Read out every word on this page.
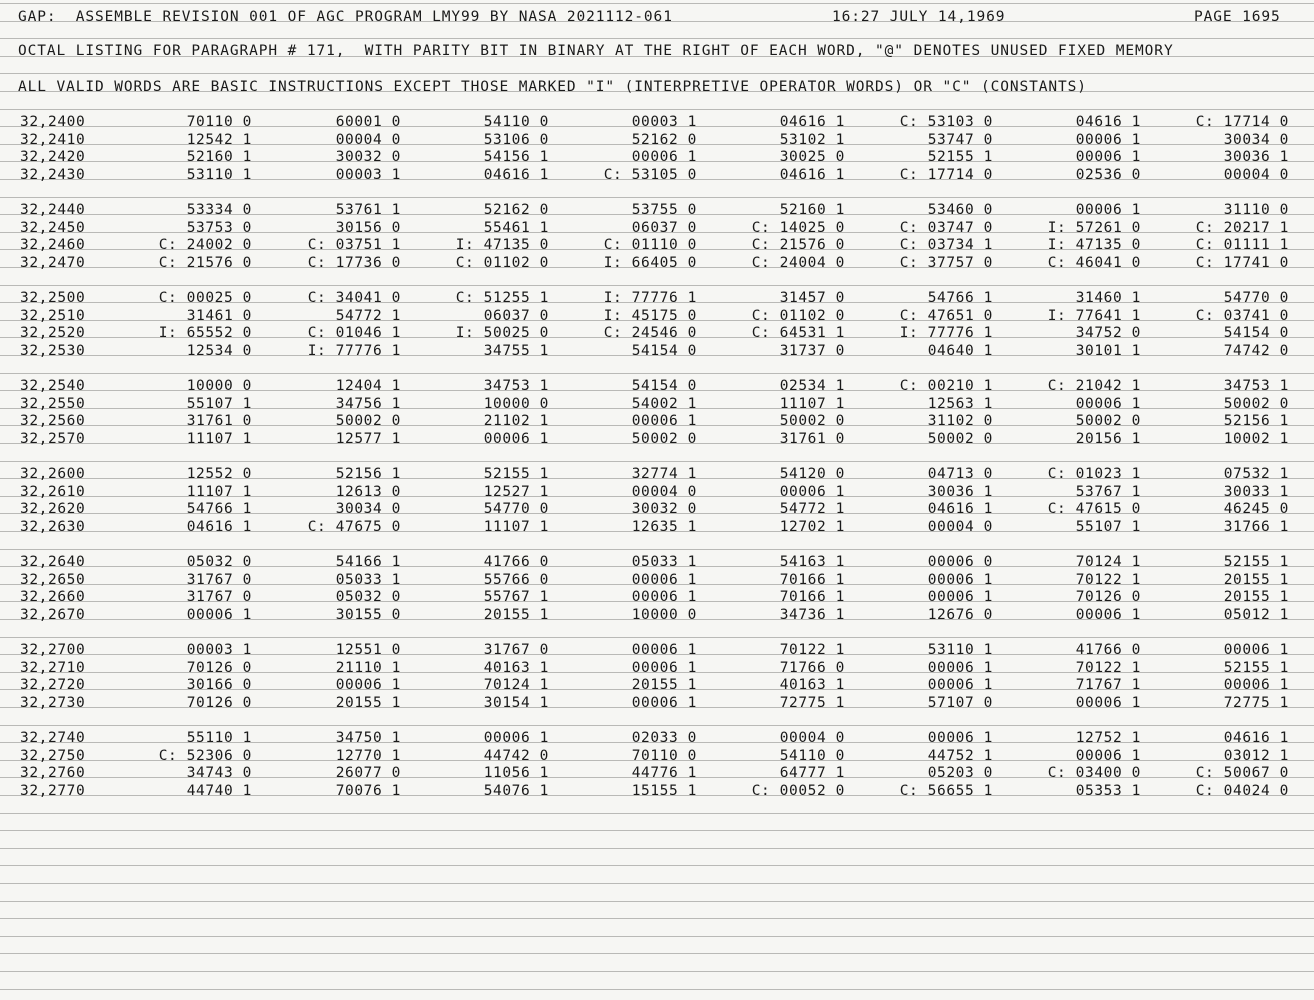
GAP:  ASSEMBLE REVISION 001 OF AGC PROGRAM LMY99 BY NASA 2021112-061	16:27 JULY 14,1969	PAGE 1695
OCTAL LISTING FOR PARAGRAPH # 171,  WITH PARITY BIT IN BINARY AT THE RIGHT OF EACH WORD, "@" DENOTES UNUSED FIXED MEMORY
ALL VALID WORDS ARE BASIC INSTRUCTIONS EXCEPT THOSE MARKED "I" (INTERPRETIVE OPERATOR WORDS) OR "C" (CONSTANTS)
32,2400	70110 0	60001 0	54110 0	00003 1	04616 1	C: 53103 0	04616 1	C: 17714 0
32,2410	12542 1	00004 0	53106 0	52162 0	53102 1	53747 0	00006 1	30034 0
32,2420	52160 1	30032 0	54156 1	00006 1	30025 0	52155 1	00006 1	30036 1
32,2430	53110 1	00003 1	04616 1	C: 53105 0	04616 1	C: 17714 0	02536 0	00004 0
32,2440	53334 0	53761 1	52162 0	53755 0	52160 1	53460 0	00006 1	31110 0
32,2450	53753 0	30156 0	55461 1	06037 0	C: 14025 0	C: 03747 0	I: 57261 0	C: 20217 1
32,2460	C: 24002 0	C: 03751 1	I: 47135 0	C: 01110 0	C: 21576 0	C: 03734 1	I: 47135 0	C: 01111 1
32,2470	C: 21576 0	C: 17736 0	C: 01102 0	I: 66405 0	C: 24004 0	C: 37757 0	C: 46041 0	C: 17741 0
32,2500	C: 00025 0	C: 34041 0	C: 51255 1	I: 77776 1	31457 0	54766 1	31460 1	54770 0
32,2510	31461 0	54772 1	06037 0	I: 45175 0	C: 01102 0	C: 47651 0	I: 77641 1	C: 03741 0
32,2520	I: 65552 0	C: 01046 1	I: 50025 0	C: 24546 0	C: 64531 1	I: 77776 1	34752 0	54154 0
32,2530	12534 0	I: 77776 1	34755 1	54154 0	31737 0	04640 1	30101 1	74742 0
32,2540	10000 0	12404 1	34753 1	54154 0	02534 1	C: 00210 1	C: 21042 1	34753 1
32,2550	55107 1	34756 1	10000 0	54002 1	11107 1	12563 1	00006 1	50002 0
32,2560	31761 0	50002 0	21102 1	00006 1	50002 0	31102 0	50002 0	52156 1
32,2570	11107 1	12577 1	00006 1	50002 0	31761 0	50002 0	20156 1	10002 1
32,2600	12552 0	52156 1	52155 1	32774 1	54120 0	04713 0	C: 01023 1	07532 1
32,2610	11107 1	12613 0	12527 1	00004 0	00006 1	30036 1	53767 1	30033 1
32,2620	54766 1	30034 0	54770 0	30032 0	54772 1	04616 1	C: 47615 0	46245 0
32,2630	04616 1	C: 47675 0	11107 1	12635 1	12702 1	00004 0	55107 1	31766 1
32,2640	05032 0	54166 1	41766 0	05033 1	54163 1	00006 0	70124 1	52155 1
32,2650	31767 0	05033 1	55766 0	00006 1	70166 1	00006 1	70122 1	20155 1
32,2660	31767 0	05032 0	55767 1	00006 1	70166 1	00006 1	70126 0	20155 1
32,2670	00006 1	30155 0	20155 1	10000 0	34736 1	12676 0	00006 1	05012 1
32,2700	00003 1	12551 0	31767 0	00006 1	70122 1	53110 1	41766 0	00006 1
32,2710	70126 0	21110 1	40163 1	00006 1	71766 0	00006 1	70122 1	52155 1
32,2720	30166 0	00006 1	70124 1	20155 1	40163 1	00006 1	71767 1	00006 1
32,2730	70126 0	20155 1	30154 1	00006 1	72775 1	57107 0	00006 1	72775 1
32,2740	55110 1	34750 1	00006 1	02033 0	00004 0	00006 1	12752 1	04616 1
32,2750	C: 52306 0	12770 1	44742 0	70110 0	54110 0	44752 1	00006 1	03012 1
32,2760	34743 0	26077 0	11056 1	44776 1	64777 1	05203 0	C: 03400 0	C: 50067 0
32,2770	44740 1	70076 1	54076 1	15155 1	C: 00052 0	C: 56655 1	05353 1	C: 04024 0
